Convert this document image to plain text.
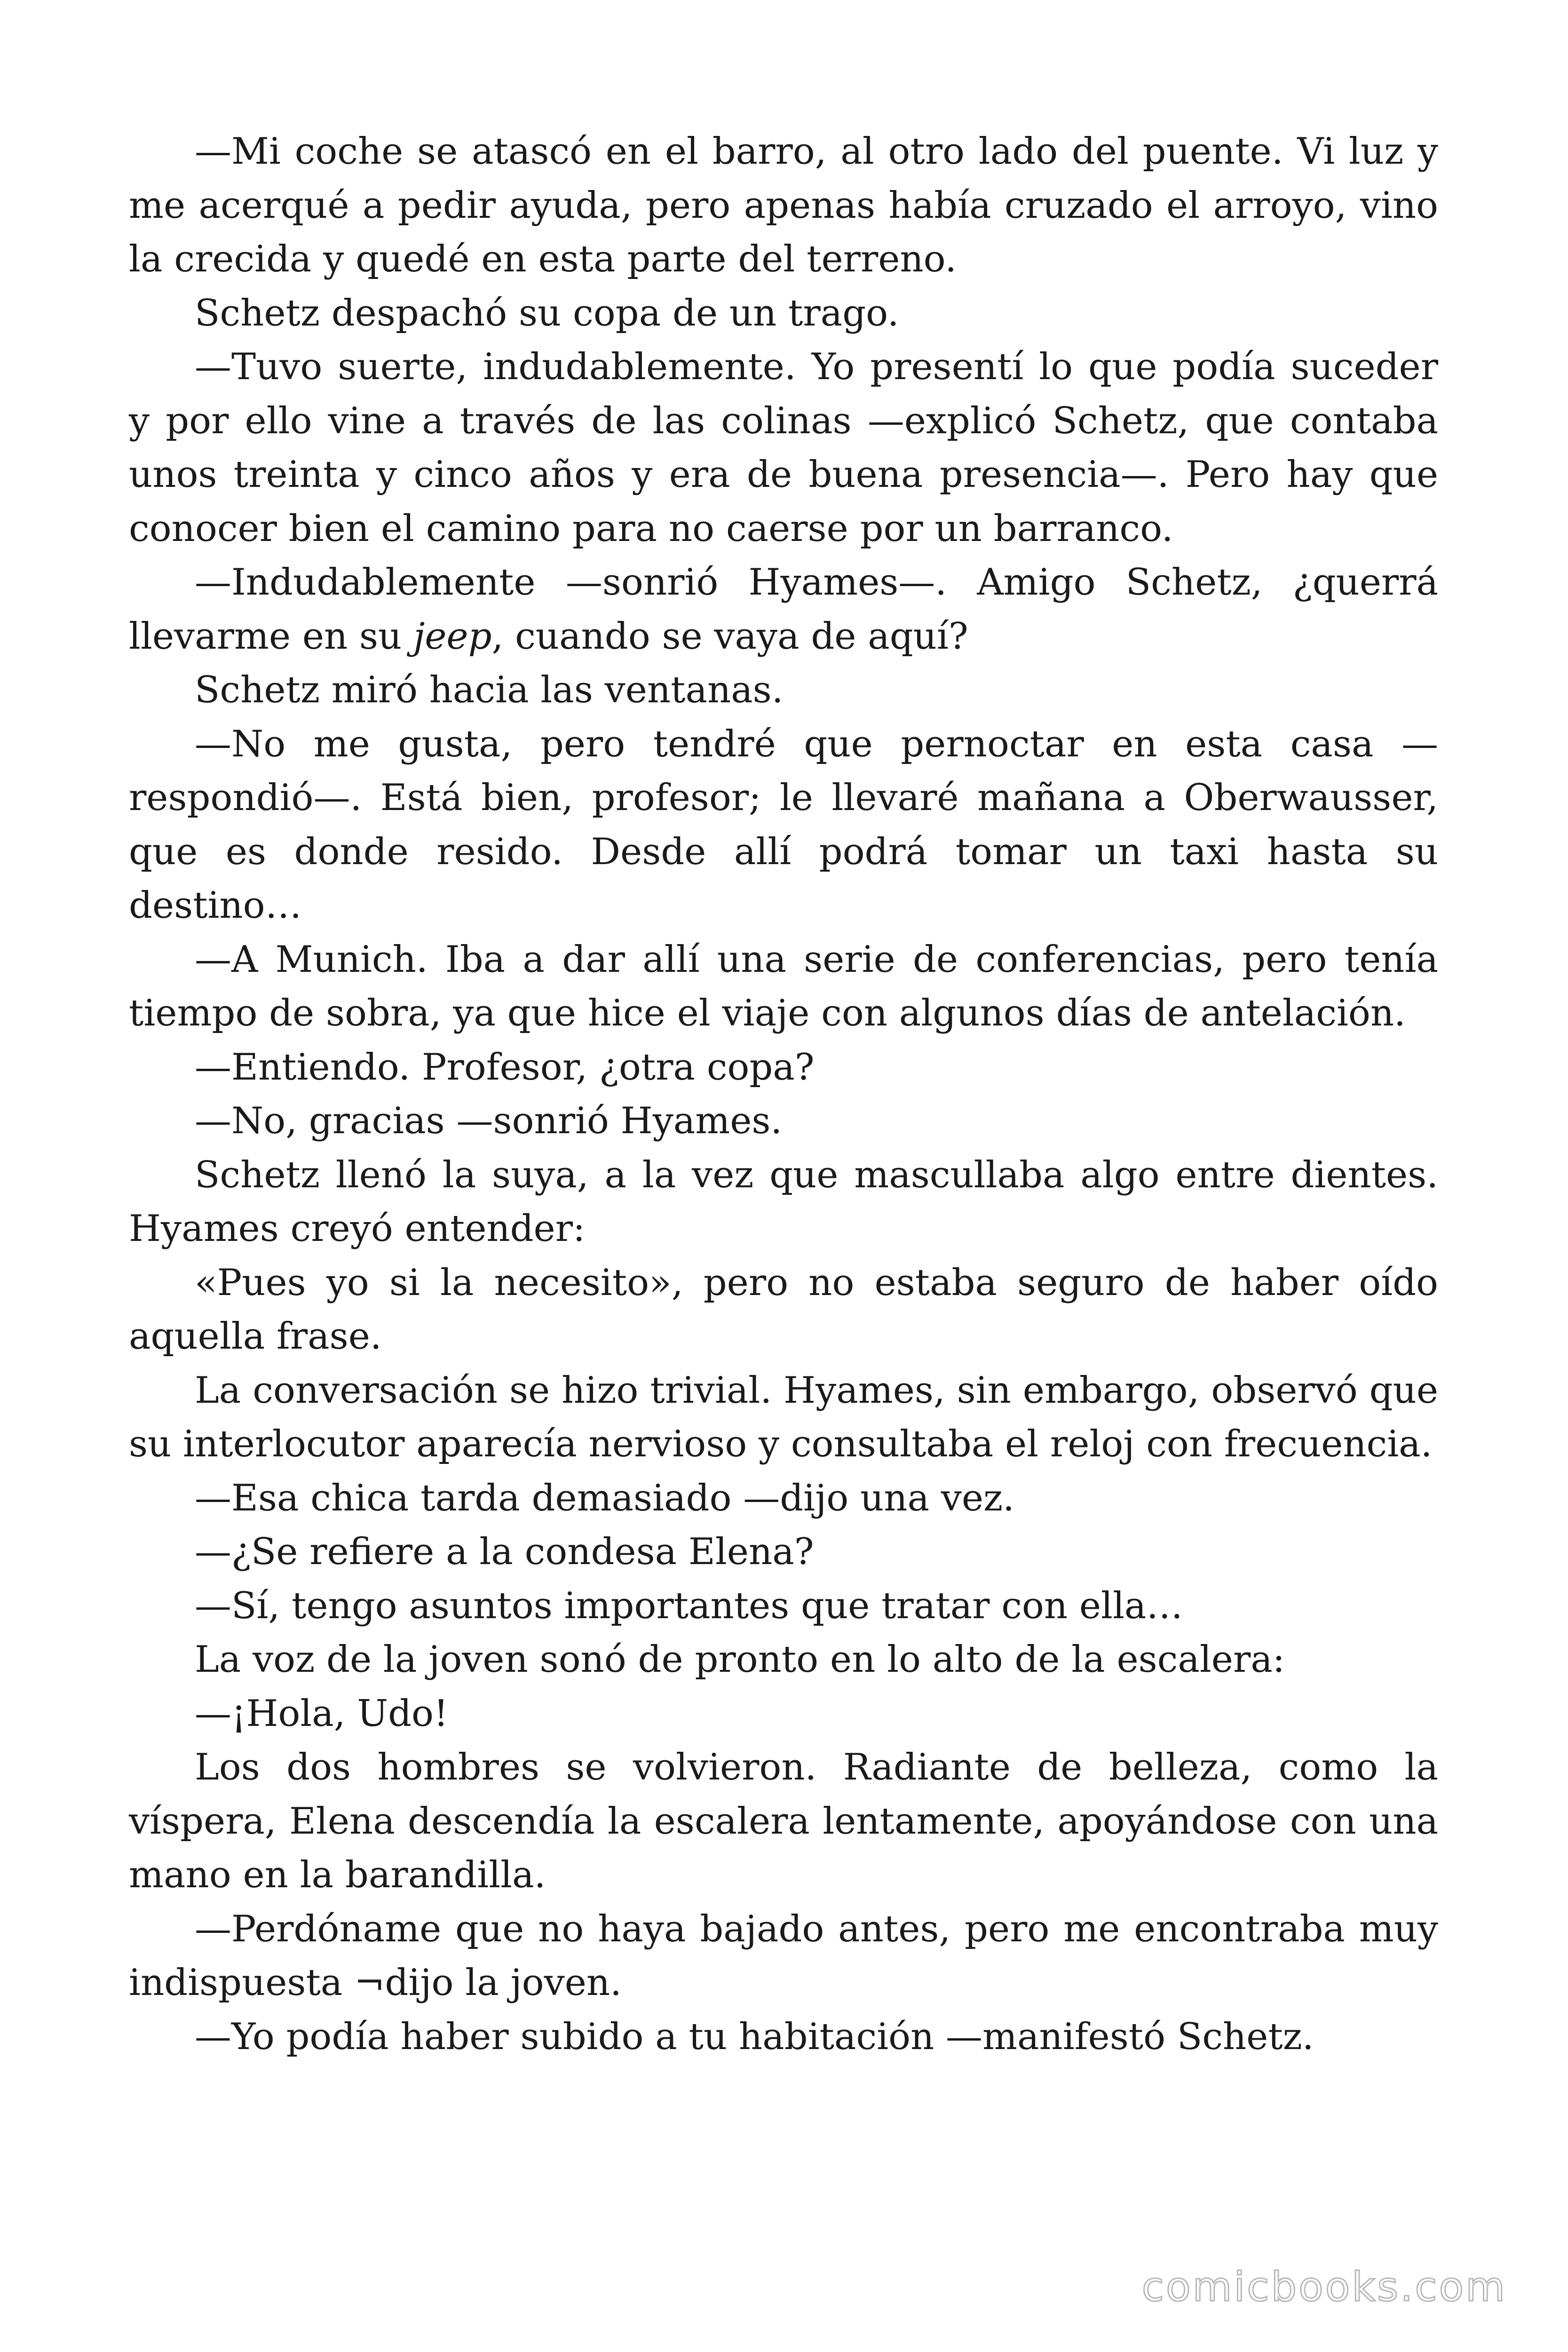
—Mi coche se atascó en el barro, al otro lado del puente. Vi luz y me acerqué a pedir ayuda, pero apenas había cruzado el arroyo, vino la crecida y quedé en esta parte del terreno.

Schetz despachó su copa de un trago.

—Tuvo suerte, indudablemente. Yo presentí lo que podía suceder y por ello vine a través de las colinas —explicó Schetz, que contaba unos treinta y cinco años y era de buena presencia—. Pero hay que conocer bien el camino para no caerse por un barranco.

—Indudablemente —sonrió Hyames—. Amigo Schetz, ¿querrá llevarme en su jeep, cuando se vaya de aquí?

Schetz miró hacia las ventanas.

—No me gusta, pero tendré que pernoctar en esta casa — respondió—. Está bien, profesor; le llevaré mañana a Oberwausser, que es donde resido. Desde allí podrá tomar un taxi hasta su destino…

—A Munich. Iba a dar allí una serie de conferencias, pero tenía tiempo de sobra, ya que hice el viaje con algunos días de antelación.

—Entiendo. Profesor, ¿otra copa?

—No, gracias —sonrió Hyames.

Schetz llenó la suya, a la vez que mascullaba algo entre dientes. Hyames creyó entender:

«Pues yo si la necesito», pero no estaba seguro de haber oído aquella frase.

La conversación se hizo trivial. Hyames, sin embargo, observó que su interlocutor aparecía nervioso y consultaba el reloj con frecuencia.

—Esa chica tarda demasiado —dijo una vez.

—¿Se refiere a la condesa Elena?

—Sí, tengo asuntos importantes que tratar con ella…

La voz de la joven sonó de pronto en lo alto de la escalera:

—¡Hola, Udo!

Los dos hombres se volvieron. Radiante de belleza, como la víspera, Elena descendía la escalera lentamente, apoyándose con una mano en la barandilla.

—Perdóname que no haya bajado antes, pero me encontraba muy indispuesta ¬dijo la joven.

—Yo podía haber subido a tu habitación —manifestó Schetz.

comicbooks.com
